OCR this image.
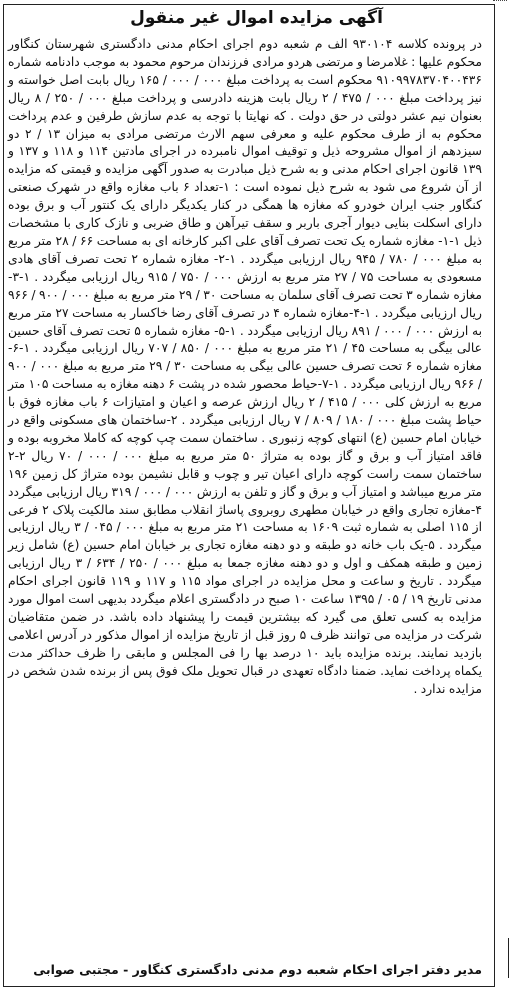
آگهی مزایده اموال غیر منقول
در پرونده کلاسه ۹۳۰۱۰۴ الف م شعبه دوم اجرای احکام مدنی دادگستری شهرستان کنگاور محکوم علیها : غلامرضا و مرتضی هردو مرادی فرزندان مرحوم محمود به موجب دادنامه شماره ۹۱۰۹۹۷۸۳۷۰۴۰۰۴۳۶ محکوم است به پرداخت مبلغ ۰۰۰ / ۰۰۰ / ۱۶۵ ریال بابت اصل خواسته و نیز پرداخت مبلغ ۰۰۰ / ۴۷۵ / ۲ ریال بابت هزینه دادرسی و پرداخت مبلغ ۰۰۰ / ۲۵۰ / ۸ ریال بعنوان نیم عشر دولتی در حق دولت . که نهایتا با توجه به عدم سازش طرفین و عدم پرداخت محکوم به از طرف محکوم علیه و معرفی سهم الارث مرتضی مرادی به میزان ۱۳ / ۲ دو سیزدهم از اموال مشروحه ذیل و توقیف اموال نامبرده در اجرای مادتین ۱۱۴ و ۱۱۸ و ۱۳۷ و ۱۳۹ قانون اجرای احکام مدنی و به شرح ذیل مبادرت به صدور آگهی مزایده و قیمتی که مزایده از آن شروع می شود به شرح ذیل نموده است : ۱-تعداد ۶ باب مغازه واقع در شهرک صنعتی کنگاور جنب ایران خودرو که مغازه ها همگی در کنار یکدیگر دارای یک کنتور آب و برق بوده دارای اسکلت بنایی دیوار آجری باربر و سقف تیرآهن و طاق ضربی و نازک کاری با مشخصات ذیل ۱-۱- مغازه شماره یک تحت تصرف آقای علی اکبر کارخانه ای به مساحت ۶۶ / ۲۸ متر مربع به مبلغ ۰۰۰ / ۷۸۰ / ۹۴۵ ریال ارزیابی میگردد . ۱-۲- مغازه شماره ۲ تحت تصرف آقای هادی مسعودی به مساحت ۷۵ / ۲۷ متر مربع به ارزش ۰۰۰ / ۷۵۰ / ۹۱۵ ریال ارزیابی میگردد . ۱-۳-مغازه شماره ۳ تحت تصرف آقای سلمان به مساحت ۳۰ / ۲۹ متر مربع به مبلغ ۰۰۰ / ۹۰۰ / ۹۶۶ ریال ارزیابی میگردد . ۱-۴-مغازه شماره ۴ در تصرف آقای رضا خاکسار به مساحت ۲۷ متر مربع به ارزش ۰۰۰ / ۰۰۰ / ۸۹۱ ریال ارزیابی میگردد . ۱-۵- مغازه شماره ۵ تحت تصرف آقای حسین عالی بیگی به مساحت ۴۵ / ۲۱ متر مربع به مبلغ ۰۰۰ / ۸۵۰ / ۷۰۷ ریال ارزیابی میگردد . ۱-۶-مغازه شماره ۶ تحت تصرف حسین عالی بیگی به مساحت ۳۰ / ۲۹ متر مربع به مبلغ ۰۰۰ / ۹۰۰ / ۹۶۶ ریال ارزیابی میگردد . ۱-۷-حیاط محصور شده در پشت ۶ دهنه مغازه به مساحت ۱۰۵ متر مربع به ارزش کلی ۰۰۰ / ۴۱۵ / ۲ ریال ارزش عرصه و اعیان و امتیازات ۶ باب مغازه فوق با حیاط پشت مبلغ ۰۰۰ / ۱۸۰ / ۸۰۹ / ۷ ریال ارزیابی میگردد . ۲-ساختمان های مسکونی واقع در خیابان امام حسین (ع) انتهای کوچه زنبوری . ساختمان سمت چپ کوچه که کاملا مخروبه بوده و فاقد امتیاز آب و برق و گاز بوده به متراژ ۵۰ متر مربع به مبلغ ۰۰۰ / ۰۰۰ / ۷۰ ریال ۲-۲ ساختمان سمت راست کوچه دارای اعیان تیر و چوب و قابل نشیمن بوده متراژ کل زمین ۱۹۶ متر مربع میباشد و امتیاز آب و برق و گاز و تلفن به ارزش ۰۰۰ / ۰۰۰ / ۳۱۹ ریال ارزیابی میگردد ۴-مغازه تجاری واقع در خیابان مطهری روبروی پاساژ انقلاب مطابق سند مالکیت پلاک ۲ فرعی از ۱۱۵ اصلی به شماره ثبت ۱۶۰۹ به مساحت ۲۱ متر مربع به مبلغ ۰۰۰ / ۰۴۵ / ۳ ریال ارزیابی میگردد . ۵-یک باب خانه دو طبقه و دو دهنه مغازه تجاری بر خیابان امام حسین (ع) شامل زیر زمین و طبقه همکف و اول و دو دهنه مغازه جمعا به مبلغ ۰۰۰ / ۲۵۰ / ۶۳۴ / ۳ ریال ارزیابی میگردد . تاریخ و ساعت و محل مزایده در اجرای مواد ۱۱۵ و ۱۱۷ و ۱۱۹ قانون اجرای احکام مدنی تاریخ ۱۹ / ۰۵ / ۱۳۹۵ ساعت ۱۰ صبح در دادگستری اعلام میگردد بدیهی است اموال مورد مزایده به کسی تعلق می گیرد که بیشترین قیمت را پیشنهاد داده باشد. در ضمن متقاضیان شرکت در مزایده می توانند ظرف ۵ روز قبل از تاریخ مزایده از اموال مذکور در آدرس اعلامی بازدید نمایند. برنده مزایده باید ۱۰ درصد بها را فی المجلس و مابقی را ظرف حداکثر مدت یکماه پرداخت نماید. ضمنا دادگاه تعهدی در قبال تحویل ملک فوق پس از برنده شدن شخص در مزایده ندارد .
مدیر دفتر اجرای احکام شعبه دوم مدنی دادگستری کنگاور - مجتبی صوابی
